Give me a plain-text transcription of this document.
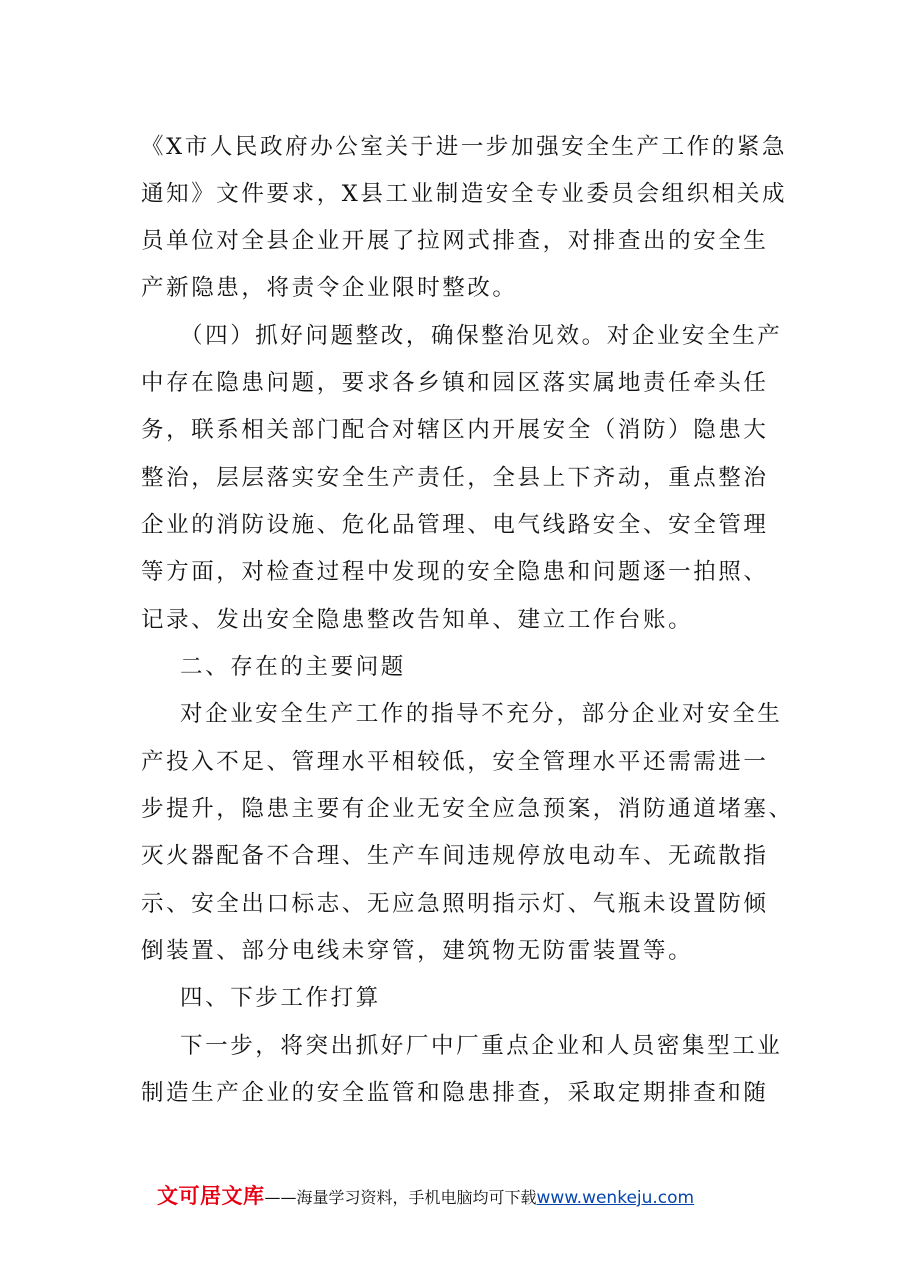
《X市人民政府办公室关于进一步加强安全生产工作的紧急
通知》文件要求，X县工业制造安全专业委员会组织相关成
员单位对全县企业开展了拉网式排查，对排查出的安全生
产新隐患，将责令企业限时整改。
（四）抓好问题整改，确保整治见效。对企业安全生产
中存在隐患问题，要求各乡镇和园区落实属地责任牵头任
务，联系相关部门配合对辖区内开展安全（消防）隐患大
整治，层层落实安全生产责任，全县上下齐动，重点整治
企业的消防设施、危化品管理、电气线路安全、安全管理
等方面，对检查过程中发现的安全隐患和问题逐一拍照、
记录、发出安全隐患整改告知单、建立工作台账。
二、存在的主要问题
对企业安全生产工作的指导不充分，部分企业对安全生
产投入不足、管理水平相较低，安全管理水平还需需进一
步提升，隐患主要有企业无安全应急预案，消防通道堵塞、
灭火器配备不合理、生产车间违规停放电动车、无疏散指
示、安全出口标志、无应急照明指示灯、气瓶未设置防倾
倒装置、部分电线未穿管，建筑物无防雷装置等。
四、下步工作打算
下一步，将突出抓好厂中厂重点企业和人员密集型工业
制造生产企业的安全监管和隐患排查，采取定期排查和随
文可居文库——海量学习资料，手机电脑均可下载www.wenkeju.com
